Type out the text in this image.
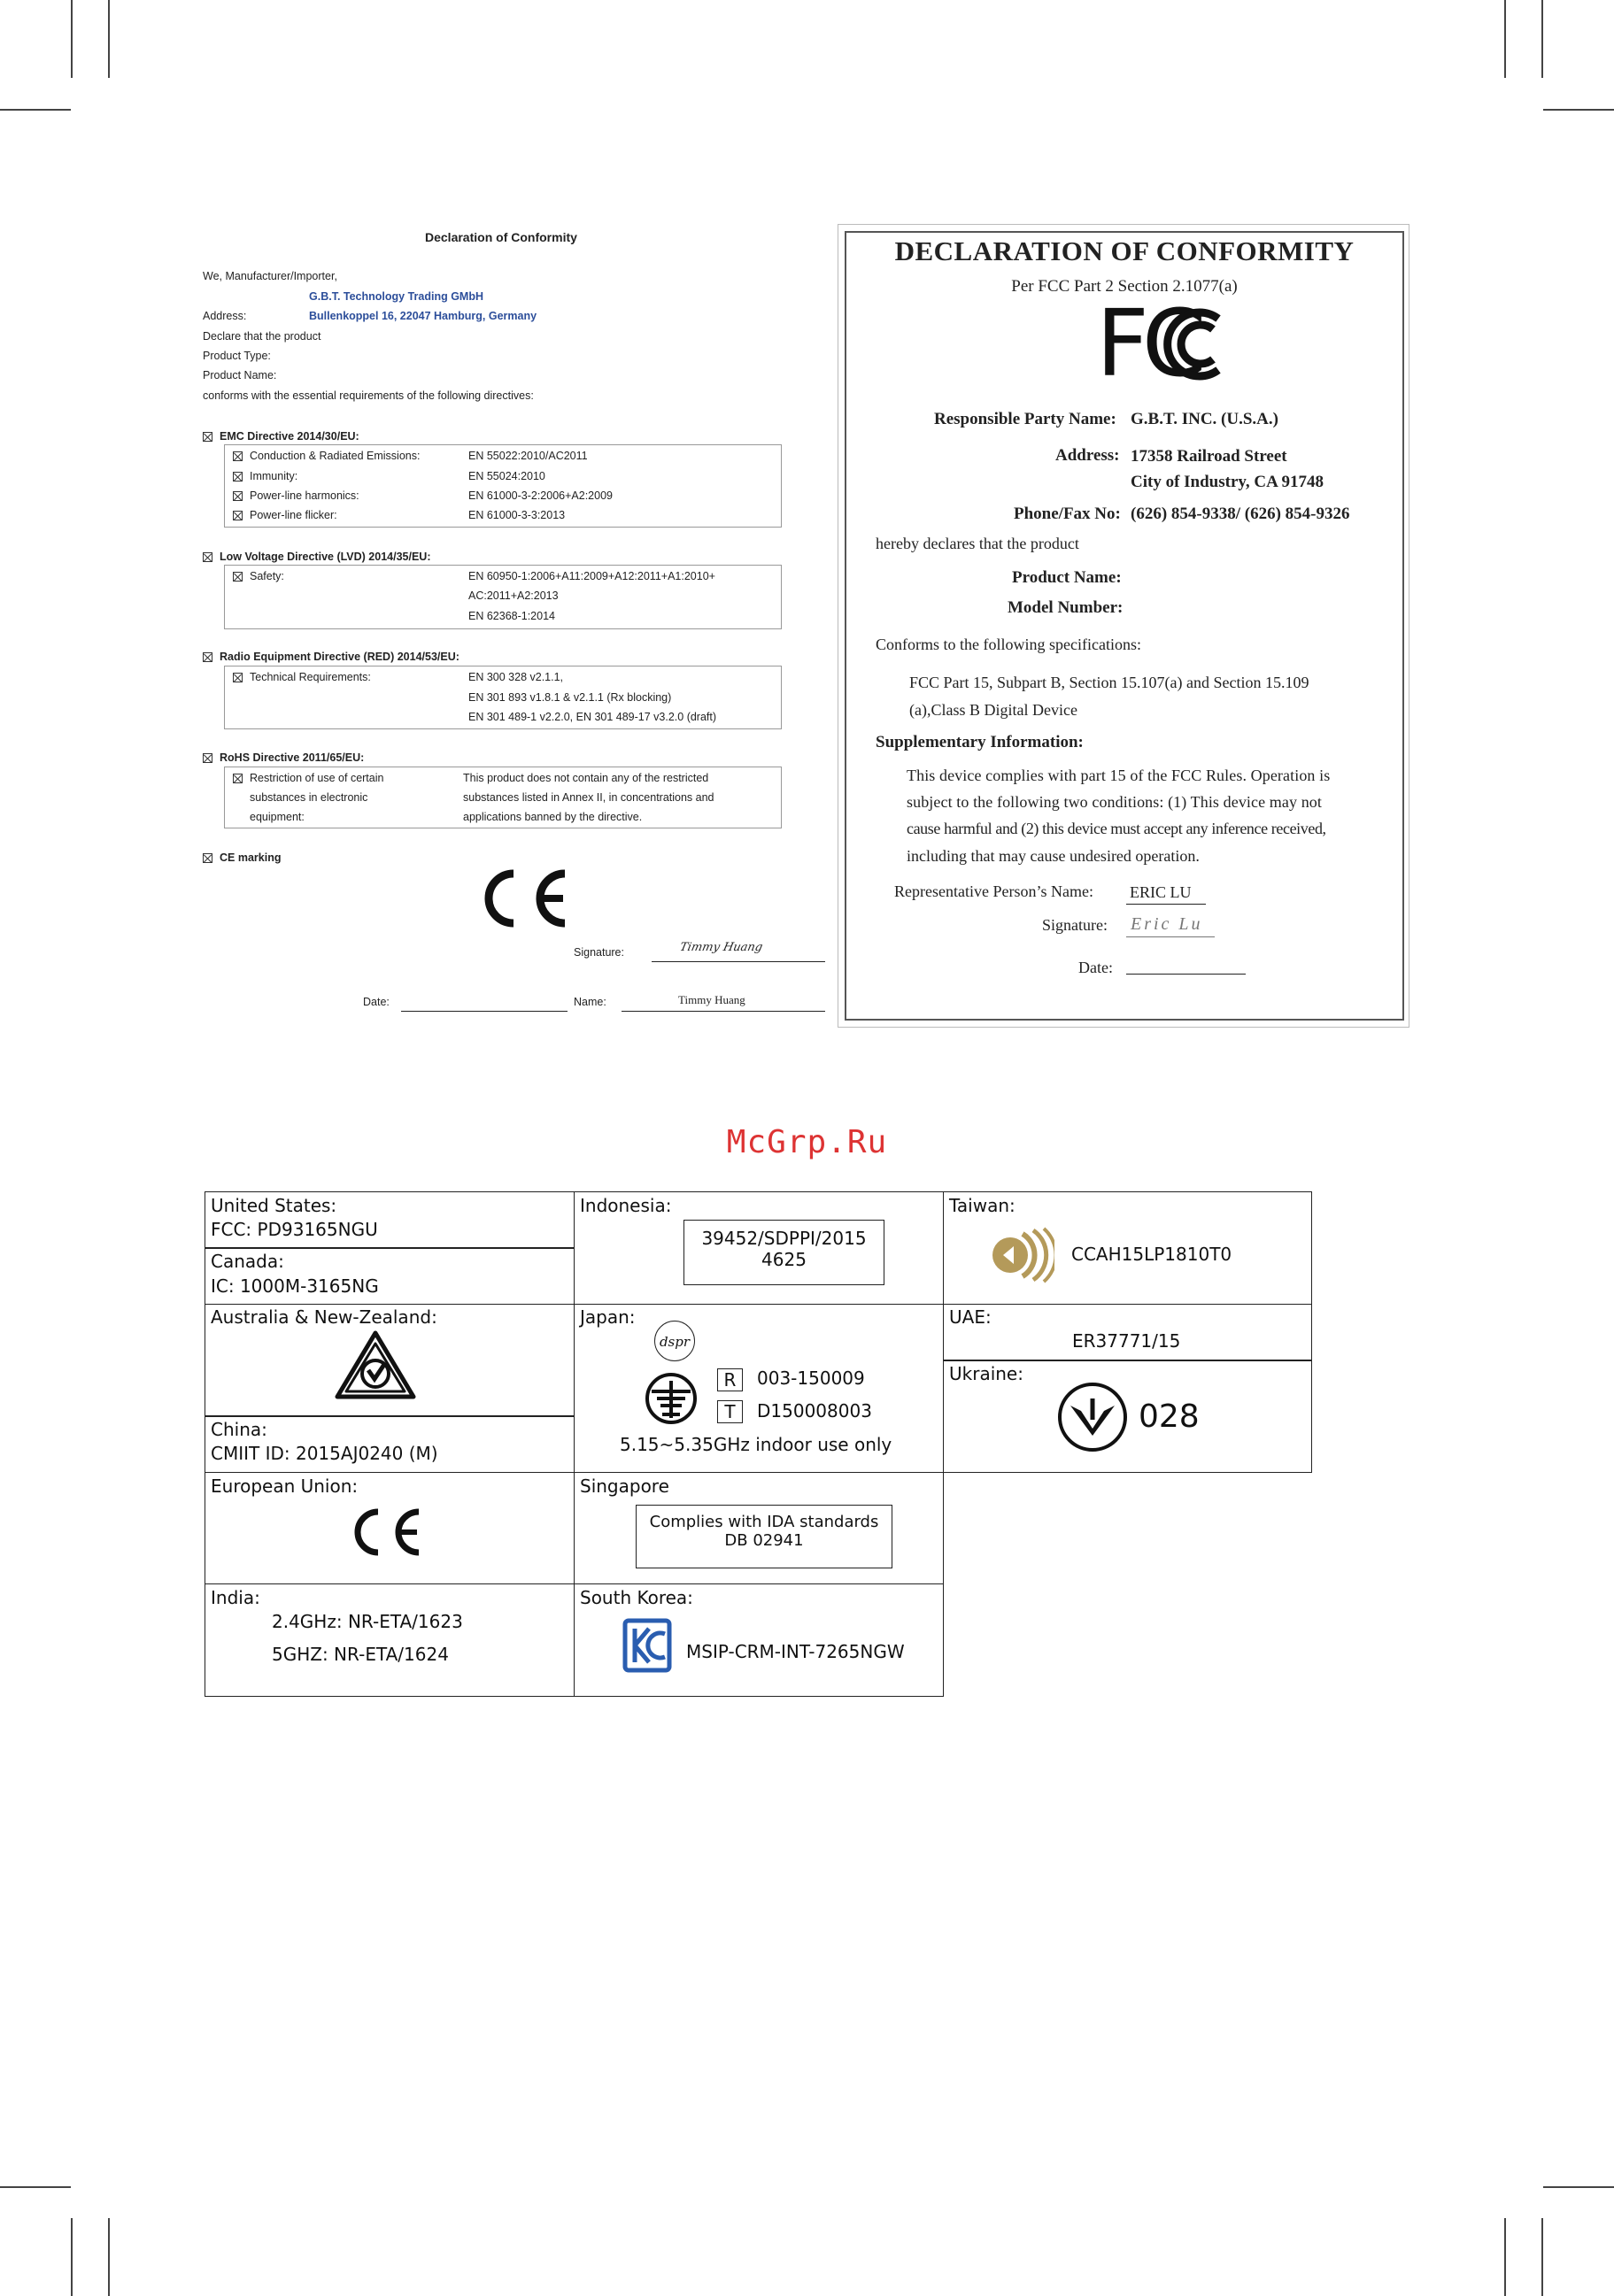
Declaration of Conformity
We, Manufacturer/Importer,
G.B.T. Technology Trading GMbH
Address:	Bullenkoppel 16, 22047 Hamburg, Germany
Declare that the product
Product Type:
Product Name:
conforms with the essential requirements of the following directives:
EMC Directive 2014/30/EU:
Conduction & Radiated Emissions:	EN 55022:2010/AC2011
Immunity:	EN 55024:2010
Power-line harmonics:	EN 61000-3-2:2006+A2:2009
Power-line flicker:	EN 61000-3-3:2013
Low Voltage Directive (LVD) 2014/35/EU:
Safety:	EN 60950-1:2006+A11:2009+A12:2011+A1:2010+
AC:2011+A2:2013
EN 62368-1:2014
Radio Equipment Directive (RED) 2014/53/EU:
Technical Requirements:	EN 300 328 v2.1.1,
EN 301 893 v1.8.1 & v2.1.1 (Rx blocking)
EN 301 489-1 v2.2.0, EN 301 489-17 v3.2.0 (draft)
RoHS Directive 2011/65/EU:
Restriction of use of certain	This product does not contain any of the restricted
substances in electronic	substances listed in Annex II, in concentrations and
equipment:	applications banned by the directive.
CE marking
Signature:	Timmy Huang
Date:	Name:	Timmy Huang
DECLARATION OF CONFORMITY
Per FCC Part 2 Section 2.1077(a)
FC
Responsible Party Name: G.B.T. INC. (U.S.A.)
Address: 17358 Railroad Street
City of Industry, CA 91748
Phone/Fax No: (626) 854-9338/ (626) 854-9326
hereby declares that the product
Product Name:
Model Number:
Conforms to the following specifications:
FCC Part 15, Subpart B, Section 15.107(a) and Section 15.109
(a),Class B Digital Device
Supplementary Information:
This device complies with part 15 of the FCC Rules. Operation is
subject to the following two conditions: (1) This device may not
cause harmful and (2) this device must accept any inference received,
including that may cause undesired operation.
Representative Person’s Name: ERIC LU
Signature: Eric Lu
Date:
McGrp.Ru
United States:
FCC: PD93165NGU
Canada:
IC: 1000M-3165NG
Australia & New-Zealand:
China:
CMIIT ID: 2015AJ0240 (M)
European Union:
India:
2.4GHz: NR-ETA/1623
5GHZ: NR-ETA/1624
Indonesia:
39452/SDPPI/2015
4625
Japan:
dspr
R	003-150009
T	D150008003
5.15~5.35GHz indoor use only
Singapore
Complies with IDA standards
DB 02941
South Korea:
MSIP-CRM-INT-7265NGW
Taiwan:
CCAH15LP1810T0
UAE:
ER37771/15
Ukraine:
028
